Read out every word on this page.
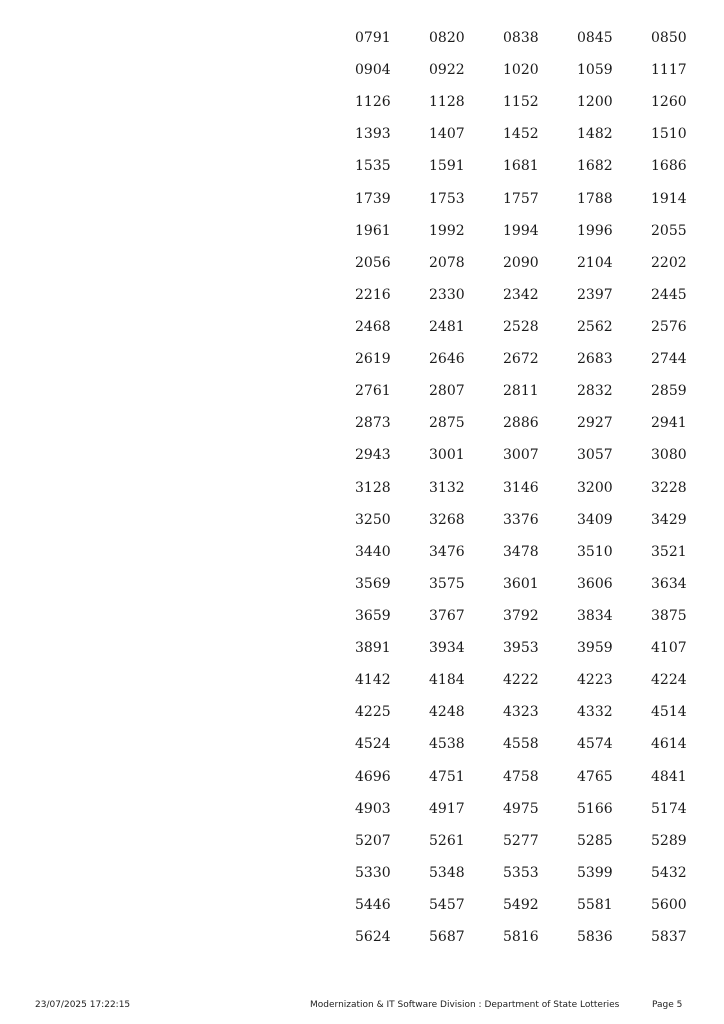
0791	0820	0838	0845	0850
0904	0922	1020	1059	1117
1126	1128	1152	1200	1260
1393	1407	1452	1482	1510
1535	1591	1681	1682	1686
1739	1753	1757	1788	1914
1961	1992	1994	1996	2055
2056	2078	2090	2104	2202
2216	2330	2342	2397	2445
2468	2481	2528	2562	2576
2619	2646	2672	2683	2744
2761	2807	2811	2832	2859
2873	2875	2886	2927	2941
2943	3001	3007	3057	3080
3128	3132	3146	3200	3228
3250	3268	3376	3409	3429
3440	3476	3478	3510	3521
3569	3575	3601	3606	3634
3659	3767	3792	3834	3875
3891	3934	3953	3959	4107
4142	4184	4222	4223	4224
4225	4248	4323	4332	4514
4524	4538	4558	4574	4614
4696	4751	4758	4765	4841
4903	4917	4975	5166	5174
5207	5261	5277	5285	5289
5330	5348	5353	5399	5432
5446	5457	5492	5581	5600
5624	5687	5816	5836	5837
23/07/2025 17:22:15	Modernization & IT Software Division : Department of State Lotteries	Page 5
